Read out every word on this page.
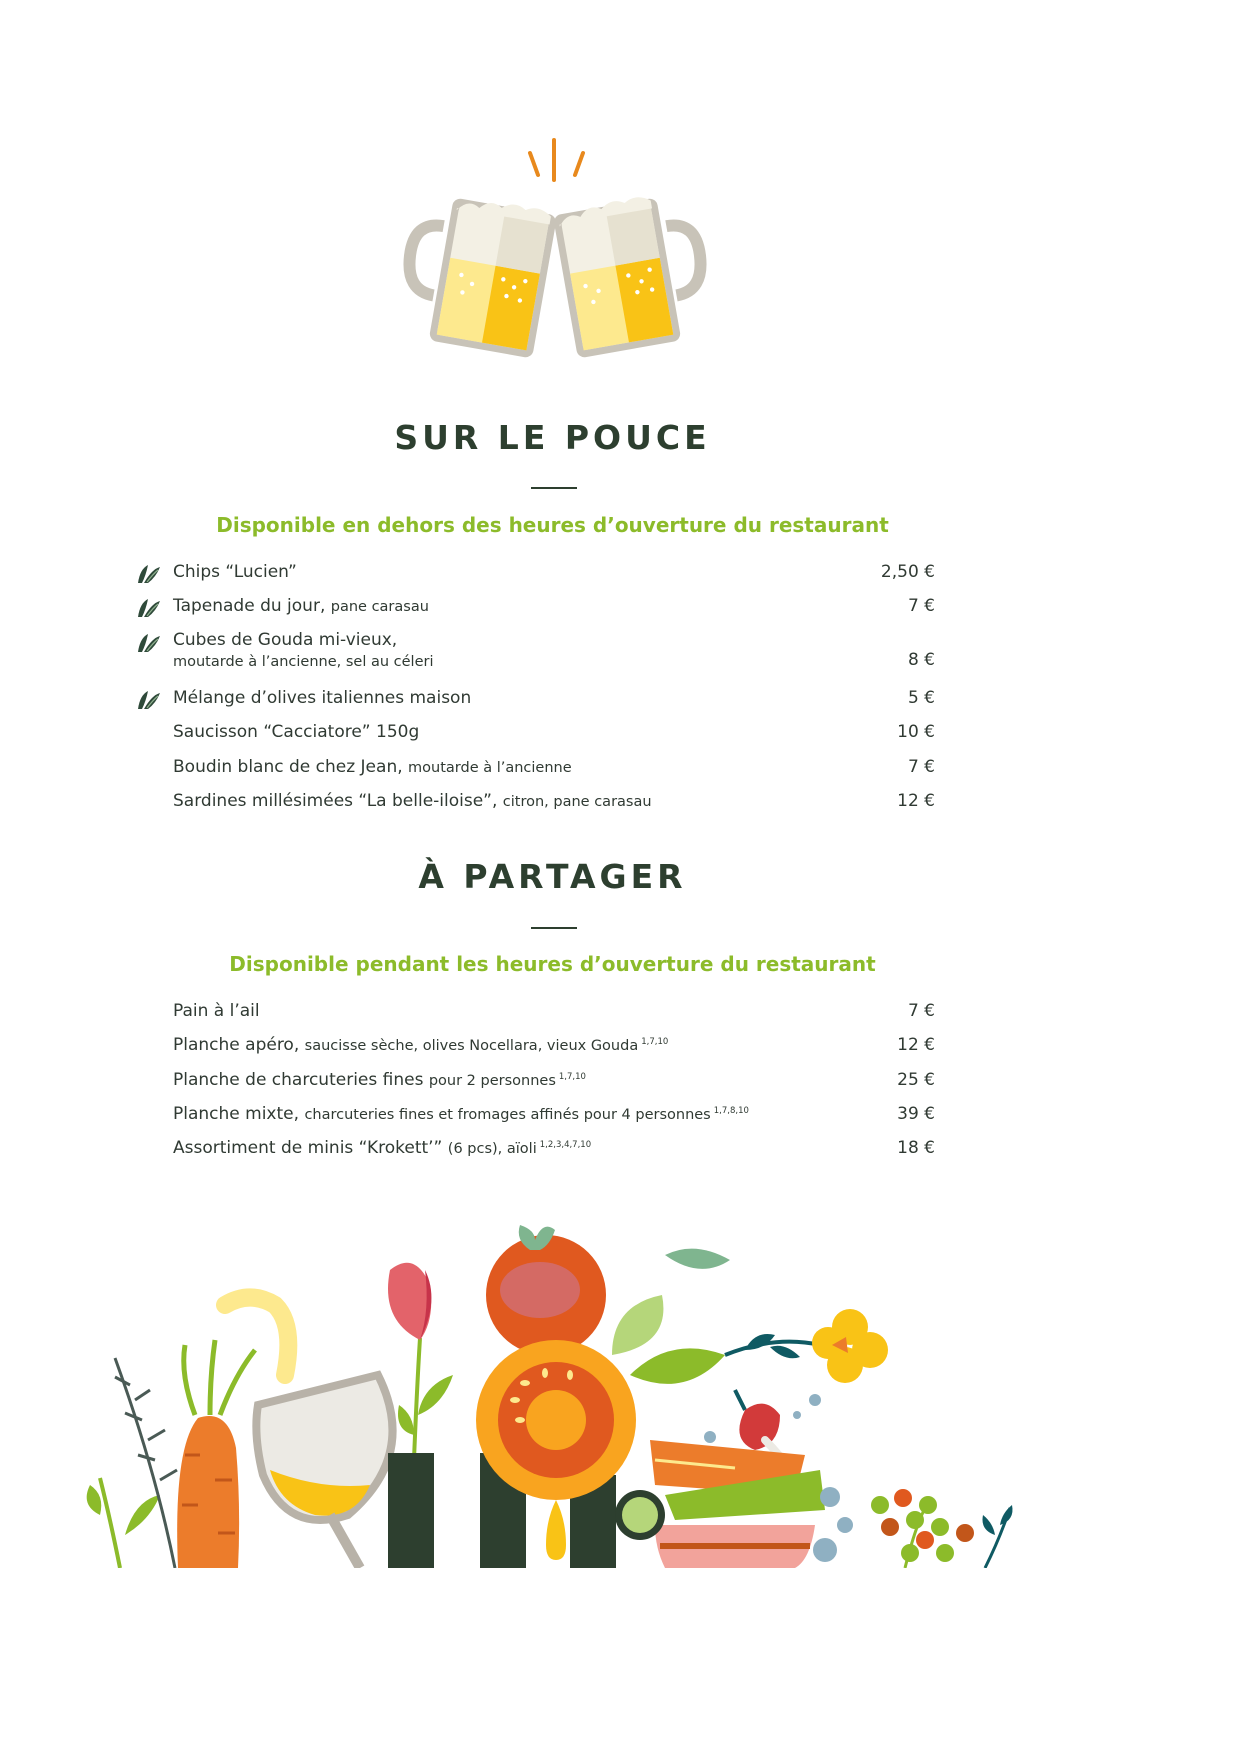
SUR LE POUCE
Disponible en dehors des heures d’ouverture du restaurant
Chips “Lucien”	2,50 €
Tapenade du jour, pane carasau	7 €
Cubes de Gouda mi-vieux,
moutarde à l’ancienne, sel au céleri	8 €
Mélange d’olives italiennes maison	5 €
Saucisson “Cacciatore” 150g	10 €
Boudin blanc de chez Jean, moutarde à l’ancienne	7 €
Sardines millésimées “La belle-iloise”, citron, pane carasau	12 €
À PARTAGER
Disponible pendant les heures d’ouverture du restaurant
Pain à l’ail	7 €
Planche apéro, saucisse sèche, olives Nocellara, vieux Gouda $^{1,7,10}$	12 €
Planche de charcuteries fines pour 2 personnes $^{1,7,10}$	25 €
Planche mixte, charcuteries fines et fromages affinés pour 4 personnes $^{1,7,8,10}$	39 €
Assortiment de minis “Krokett’” (6 pcs), aïoli $^{1,2,3,4,7,10}$	18 €
